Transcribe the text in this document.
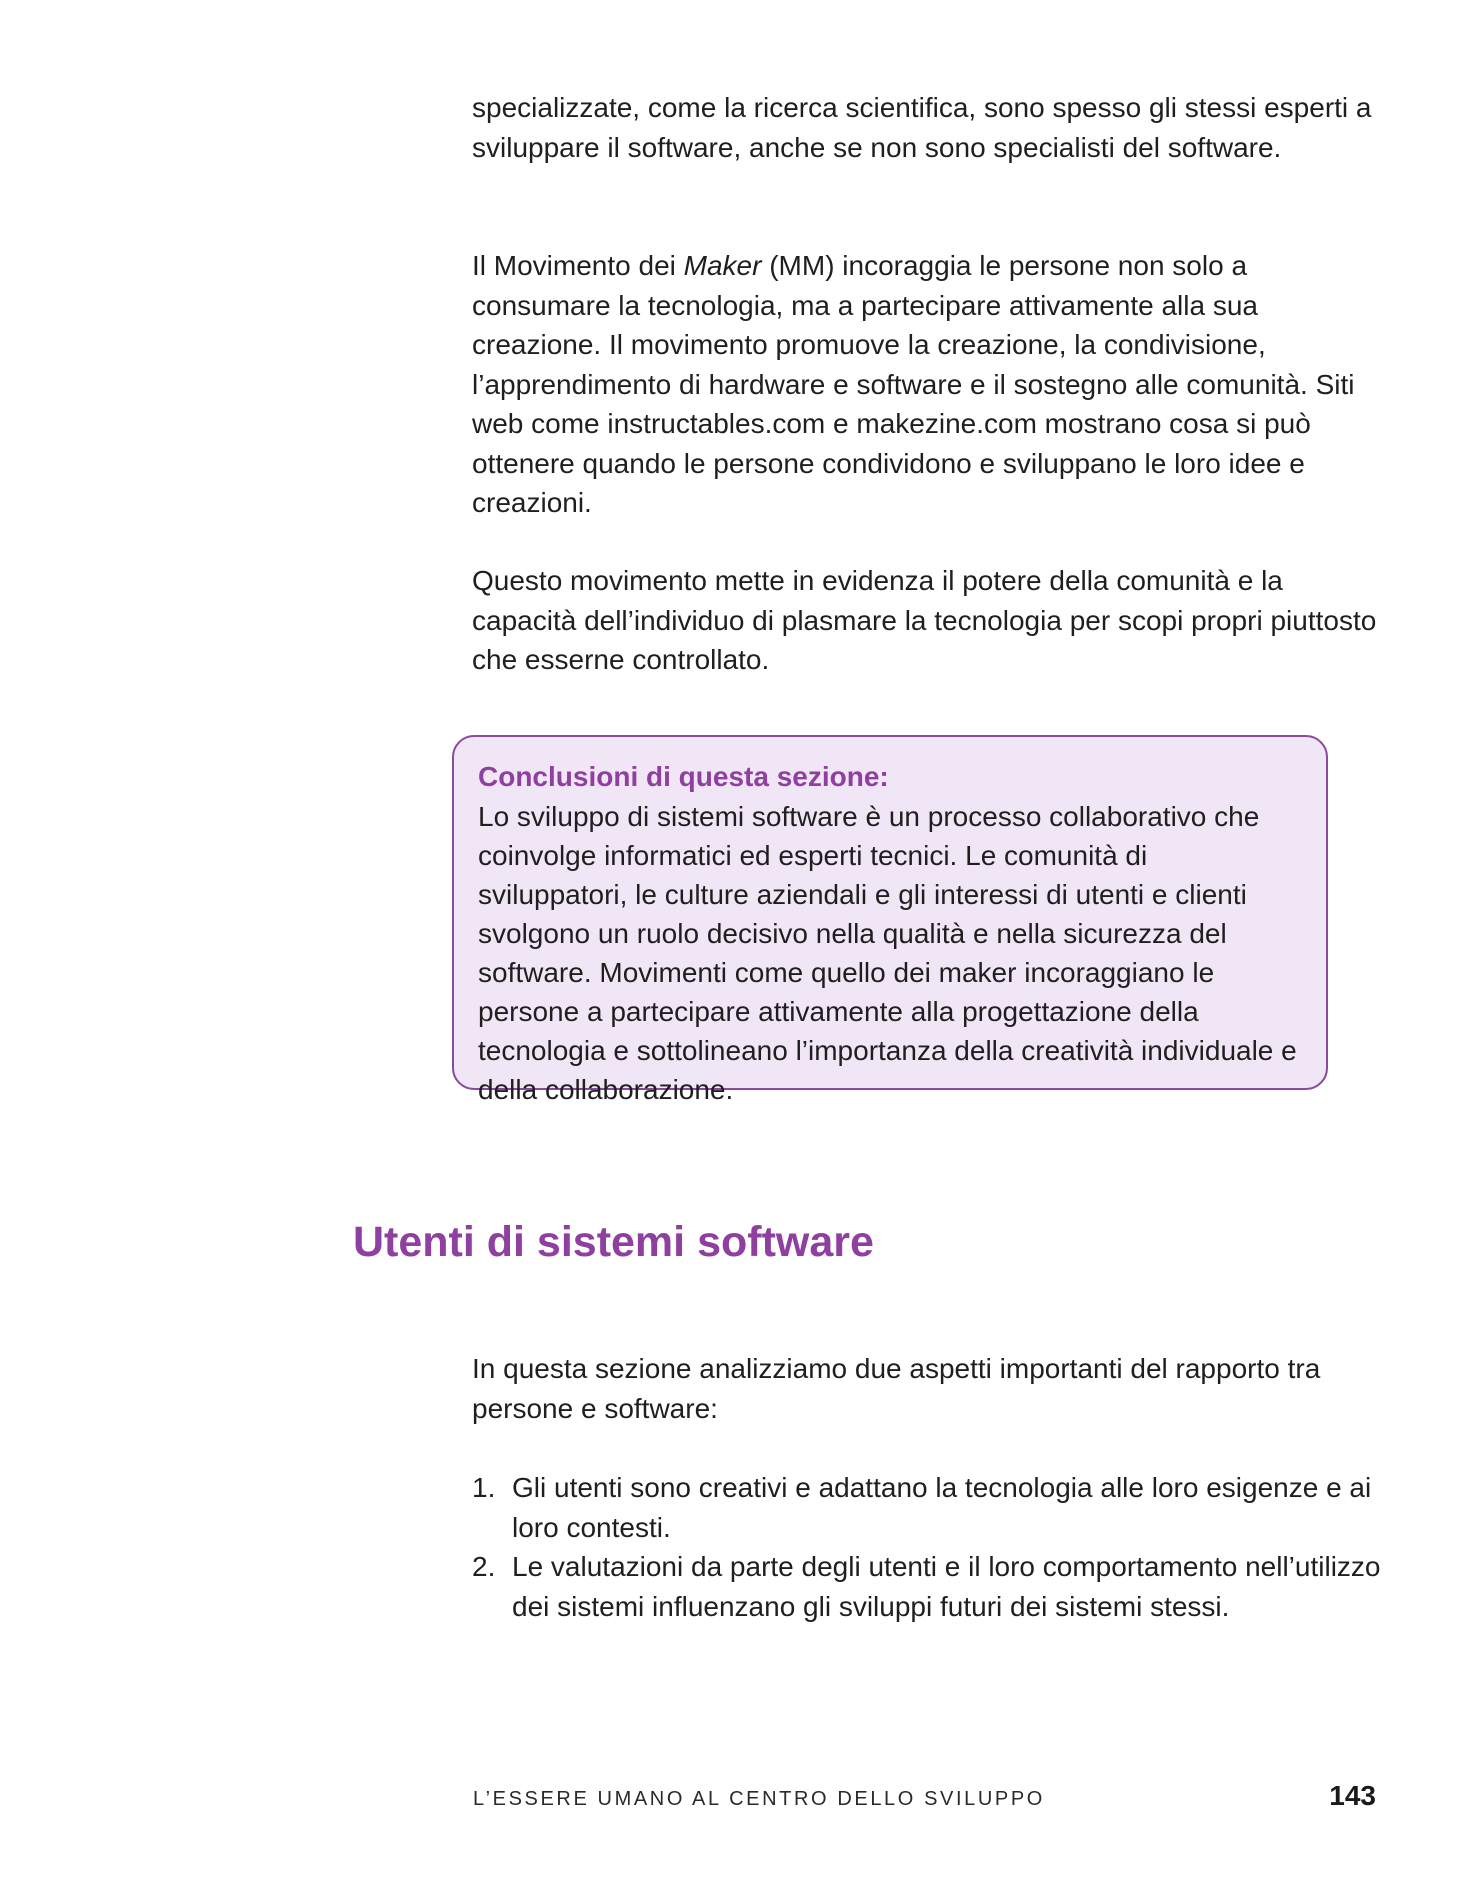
specializzate, come la ricerca scientifica, sono spesso gli stessi esperti a sviluppare il software, anche se non sono specialisti del software.

Il Movimento dei Maker (MM) incoraggia le persone non solo a consumare la tecnologia, ma a partecipare attivamente alla sua creazione. Il movimento promuove la creazione, la condivisione, l’apprendimento di hardware e software e il sostegno alle comunità. Siti web come instructables.com e makezine.com mostrano cosa si può ottenere quando le persone condividono e sviluppano le loro idee e creazioni.

Questo movimento mette in evidenza il potere della comunità e la capacità dell’individuo di plasmare la tecnologia per scopi propri piuttosto che esserne controllato.

Conclusioni di questa sezione:

Lo sviluppo di sistemi software è un processo collaborativo che coinvolge informatici ed esperti tecnici. Le comunità di sviluppatori, le culture aziendali e gli interessi di utenti e clienti svolgono un ruolo decisivo nella qualità e nella sicurezza del software. Movimenti come quello dei maker incoraggiano le persone a partecipare attivamente alla progettazione della tecnologia e sottolineano l’importanza della creatività individuale e della collaborazione.

Utenti di sistemi software

In questa sezione analizziamo due aspetti importanti del rapporto tra persone e software:

1. Gli utenti sono creativi e adattano la tecnologia alle loro esigenze e ai loro contesti.
2. Le valutazioni da parte degli utenti e il loro comportamento nell’utilizzo dei sistemi influenzano gli sviluppi futuri dei sistemi stessi.
L’ESSERE UMANO AL CENTRO DELLO SVILUPPO	143
